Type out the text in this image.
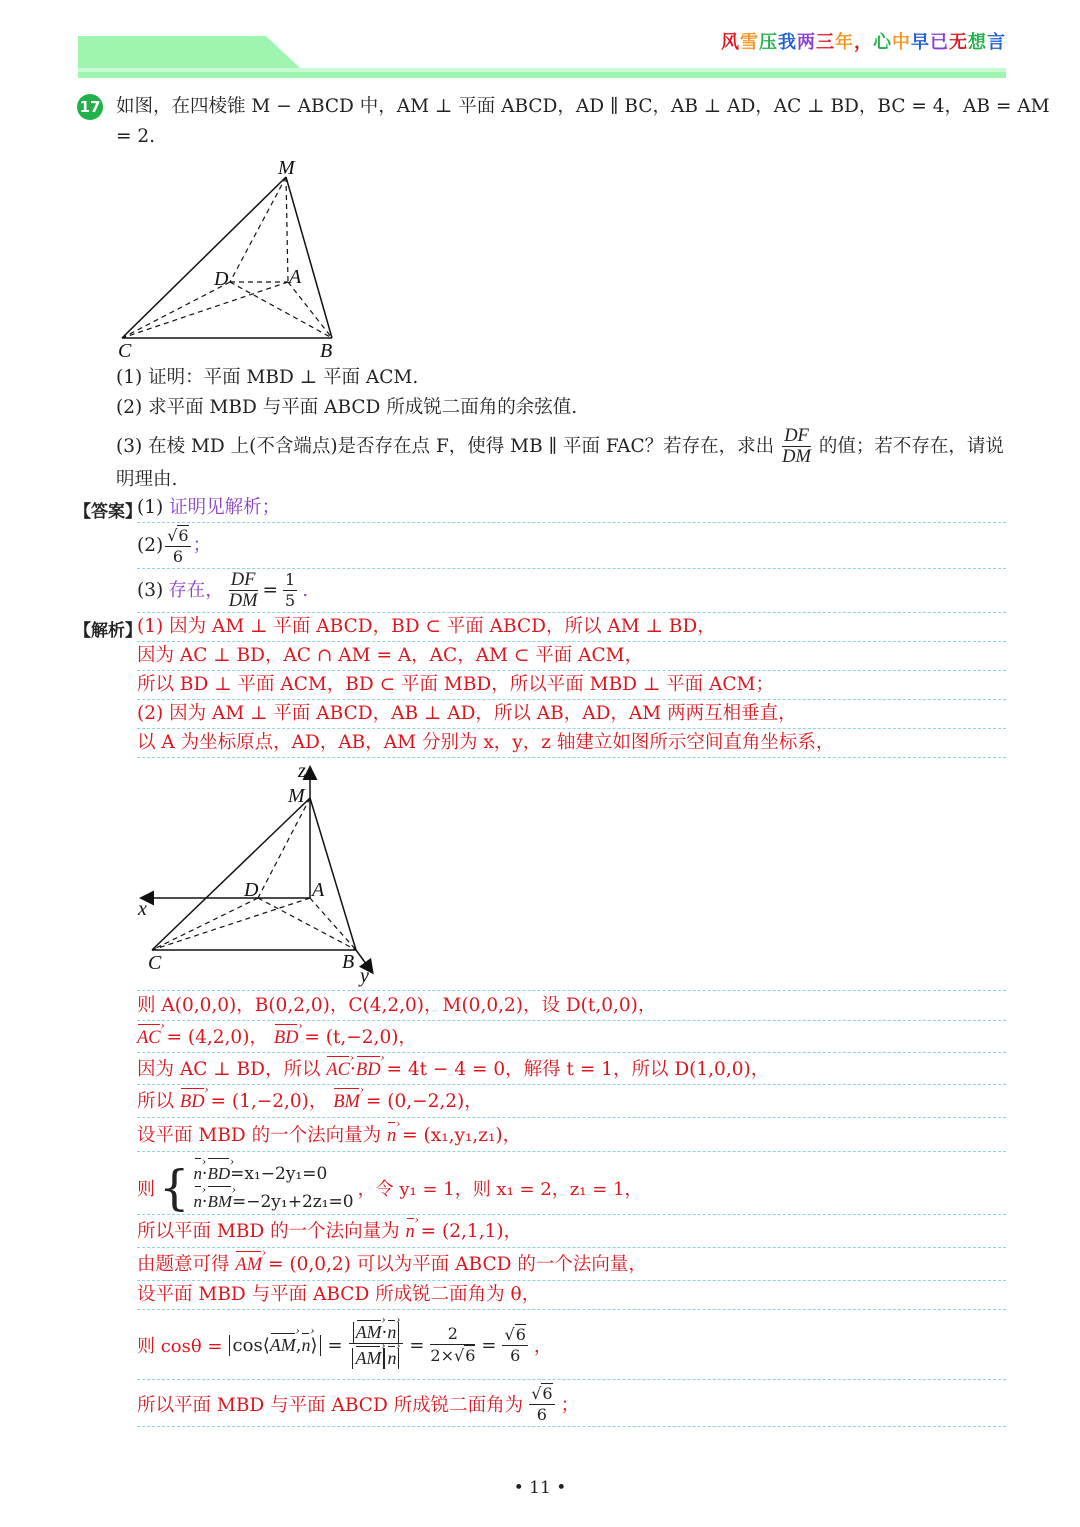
风雪压我两三年，心中早已无想言
17 如图，在四棱锥 M − ABCD 中，AM ⊥ 平面 ABCD，AD ∥ BC，AB ⊥ AD，AC ⊥ BD，BC = 4，AB = AM
= 2.
M
D	A
C	B
(1) 证明：平面 MBD ⊥ 平面 ACM.
(2) 求平面 MBD 与平面 ABCD 所成锐二面角的余弦值.
(3) 在棱 MD 上(不含端点)是否存在点 F，使得 MB ∥ 平面 FAC？若存在，求出 $\frac{DF}{DM}$ 的值；若不存在，请说
明理由.
【答案】
(1) 证明见解析；
$(2) \frac{√6}{6}$ ；
(3) 存在， $\frac{DF}{DM} = \frac{1}{5}$ .
【解析】
(1) 因为 AM ⊥ 平面 ABCD，BD ⊂ 平面 ABCD，所以 AM ⊥ BD，
因为 AC ⊥ BD，AC ∩ AM = A，AC，AM ⊂ 平面 ACM，
所以 BD ⊥ 平面 ACM，BD ⊂ 平面 MBD，所以平面 MBD ⊥ 平面 ACM；
(2) 因为 AM ⊥ 平面 ABCD，AB ⊥ AD，所以 AB，AD，AM 两两互相垂直，
以 A 为坐标原点，AD，AB，AM 分别为 x，y，z 轴建立如图所示空间直角坐标系，
z
M
x
D	A
C	B
y
则 A(0,0,0)，B(0,2,0)，C(4,2,0)，M(0,0,2)，设 D(t,0,0)，
AC › = (4,2,0)， BD › = (t,−2,0)，
因为 AC ⊥ BD，所以 AC ›·BD › = 4t − 4 = 0，解得 t = 1，所以 D(1,0,0)，
所以 BD › = (1,−2,0)， BM › = (0,−2,2)，
设平面 MBD 的一个法向量为 n › = (x₁,y₁,z₁)，
则 { n ›·BD ›=x₁−2y₁=0
n ›·BM ›=−2y₁+2z₁=0
，令 y₁ = 1，则 x₁ = 2，z₁ = 1，
所以平面 MBD 的一个法向量为 n › = (2,1,1)，
由题意可得 AM › = (0,0,2) 可以为平面 ABCD 的一个法向量，
设平面 MBD 与平面 ABCD 所成锐二面角为 θ，
则 cosθ = cos⟨AM ›,n ›⟩ = $\frac{AM ›\cdot n ›}{AM › n}$ › = $\frac{2}{2\times√6} = \frac{√6}{6}$ ，
所以平面 MBD 与平面 ABCD 所成锐二面角为 $\frac{√6}{6}$ ；
• 11 •
